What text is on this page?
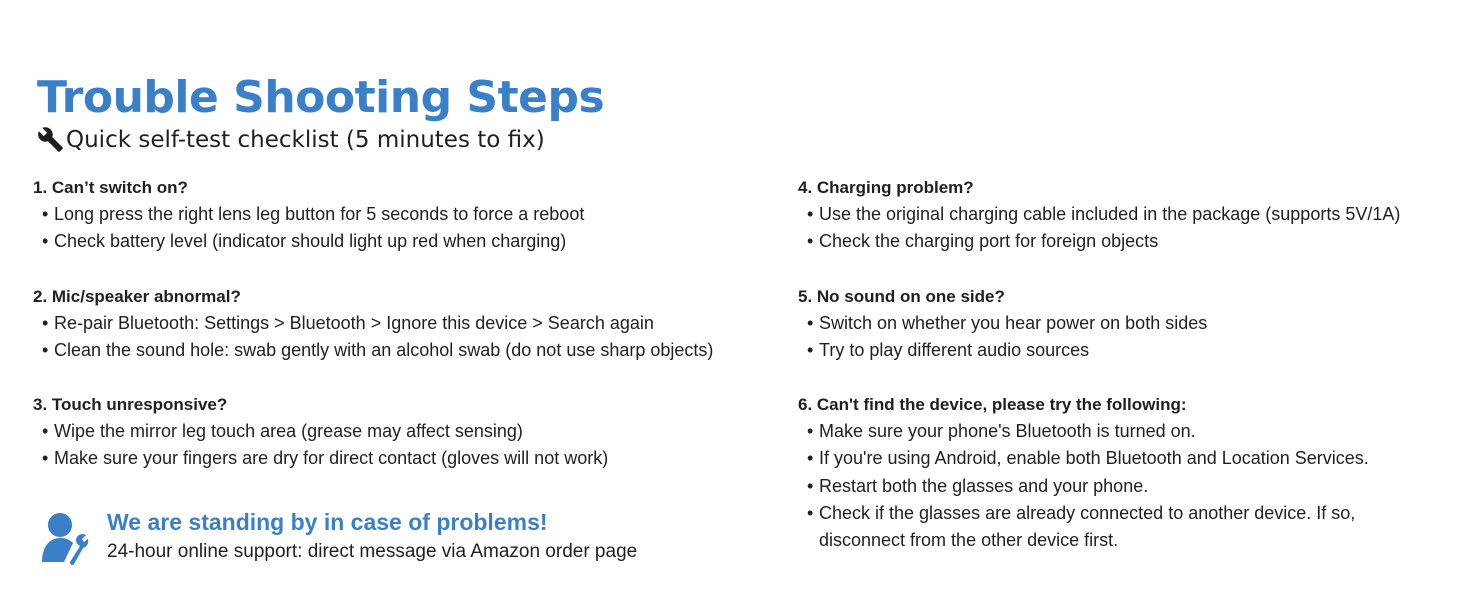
Trouble Shooting Steps
Quick self-test checklist (5 minutes to fix)
1. Can’t switch on?
• Long press the right lens leg button for 5 seconds to force a reboot
• Check battery level (indicator should light up red when charging)
2. Mic/speaker abnormal?
• Re-pair Bluetooth: Settings > Bluetooth > Ignore this device > Search again
• Clean the sound hole: swab gently with an alcohol swab (do not use sharp objects)
3. Touch unresponsive?
• Wipe the mirror leg touch area (grease may affect sensing)
• Make sure your fingers are dry for direct contact (gloves will not work)
4. Charging problem?
• Use the original charging cable included in the package (supports 5V/1A)
• Check the charging port for foreign objects
5. No sound on one side?
• Switch on whether you hear power on both sides
• Try to play different audio sources
6. Can't find the device, please try the following:
• Make sure your phone's Bluetooth is turned on.
• If you're using Android, enable both Bluetooth and Location Services.
• Restart both the glasses and your phone.
• Check if the glasses are already connected to another device. If so, disconnect from the other device first.
We are standing by in case of problems!
24-hour online support: direct message via Amazon order page
